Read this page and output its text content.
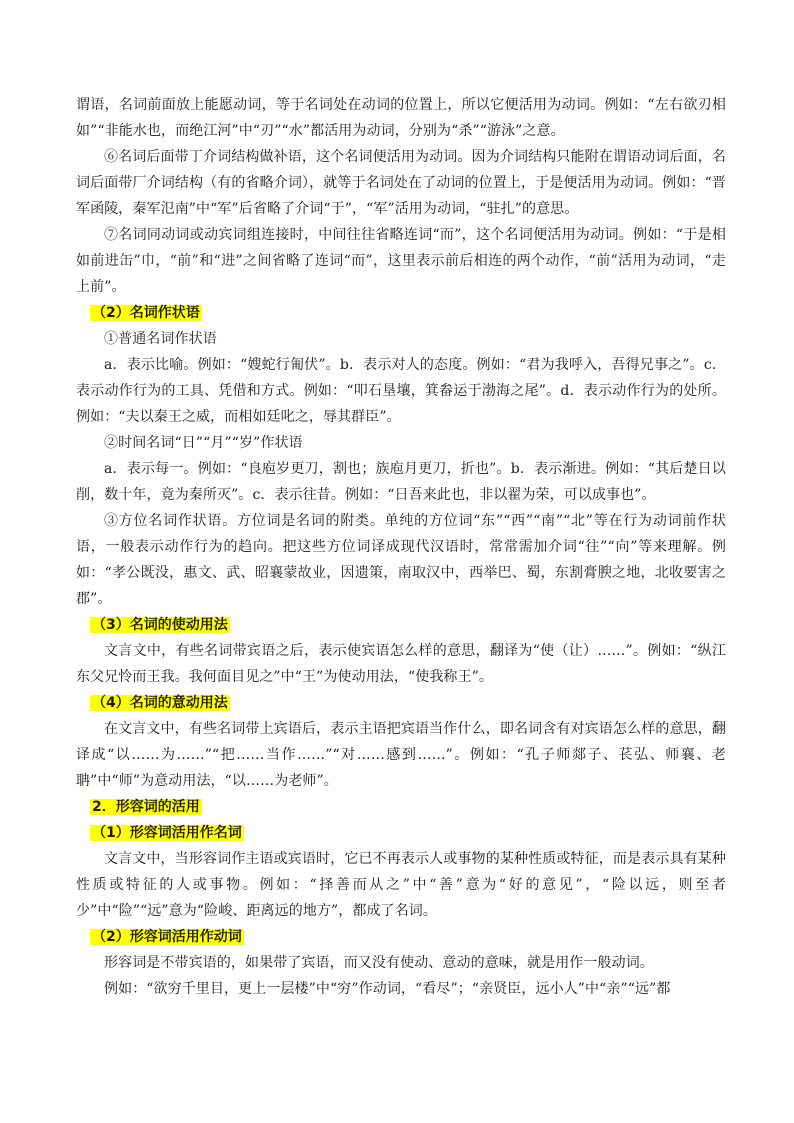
谓语，名词前面放上能愿动词，等于名词处在动词的位置上，所以它便活用为动词。例如：“左右欲刃相如”“非能水也，而绝江河”中“刃”“水”都活用为动词，分别为“杀”“游泳”之意。

⑥名词后面带丁介词结构做补语，这个名词便活用为动词。因为介词结构只能附在谓语动词后面，名词后面带厂介词结构（有的省略介词），就等于名词处在了动词的位置上，于是便活用为动词。例如：“晋军函陵，秦军氾南”中“军”后省略了介词“于”，“军”活用为动词，“驻扎”的意思。

⑦名词同动词或动宾词组连接时，中间往往省略连词“而”，这个名词便活用为动词。例如：“于是相如前进缶”巾，“前”和“进”之间省略了连词“而”，这里表示前后相连的两个动作，“前”活用为动词，“走上前”。

（2）名词作状语

①普通名词作状语

a．表示比喻。例如：“嫂蛇行匍伏”。b．表示对人的态度。例如：“君为我呼入，吾得兄事之”。c．表示动作行为的工具、凭借和方式。例如：“叩石垦壤，箕畚运于渤海之尾”。d．表示动作行为的处所。例如：“夫以秦王之威，而相如廷叱之，辱其群臣”。

②时间名词“日”“月”“岁”作状语

a．表示每一。例如：“良庖岁更刀，割也；族庖月更刀，折也”。b．表示渐进。例如：“其后楚日以削，数十年，竟为秦所灭”。c．表示往昔。例如：“日吾来此也，非以翟为荣，可以成事也”。

③方位名词作状语。方位词是名词的附类。单纯的方位词“东”“西”“南”“北”等在行为动词前作状语，一般表示动作行为的趋向。把这些方位词译成现代汉语时，常常需加介词“往”“向”等来理解。例如：“孝公既没，惠文、武、昭襄蒙故业，因遗策，南取汉中，西举巴、蜀，东割膏腴之地，北收要害之郡”。

（3）名词的使动用法

文言文中，有些名词带宾语之后，表示使宾语怎么样的意思，翻译为“使（让）……”。例如：“纵江东父兄怜而王我。我何面目见之”中“王”为使动用法，“使我称王”。

（4）名词的意动用法

在文言文中，有些名词带上宾语后，表示主语把宾语当作什么，即名词含有对宾语怎么样的意思，翻译成“以……为……”“把……当作……”“对……感到……”。例如：“孔子师郯子、苌弘、师襄、老聃”中“师”为意动用法，“以……为老师”。

2．形容词的活用

（1）形容词活用作名词

文言文中，当形容词作主语或宾语时，它已不再表示人或事物的某种性质或特征，而是表示具有某种性质或特征的人或事物。例如：“择善而从之”中“善”意为“好的意见”，“险以远，则至者少”中“险”“远”意为“险峻、距离远的地方”，都成了名词。

（2）形容词活用作动词

形容词是不带宾语的，如果带了宾语，而又没有使动、意动的意味，就是用作一般动词。

例如：“欲穷千里目，更上一层楼”中“穷”作动词，“看尽”；“亲贤臣，远小人”中“亲”“远”都
